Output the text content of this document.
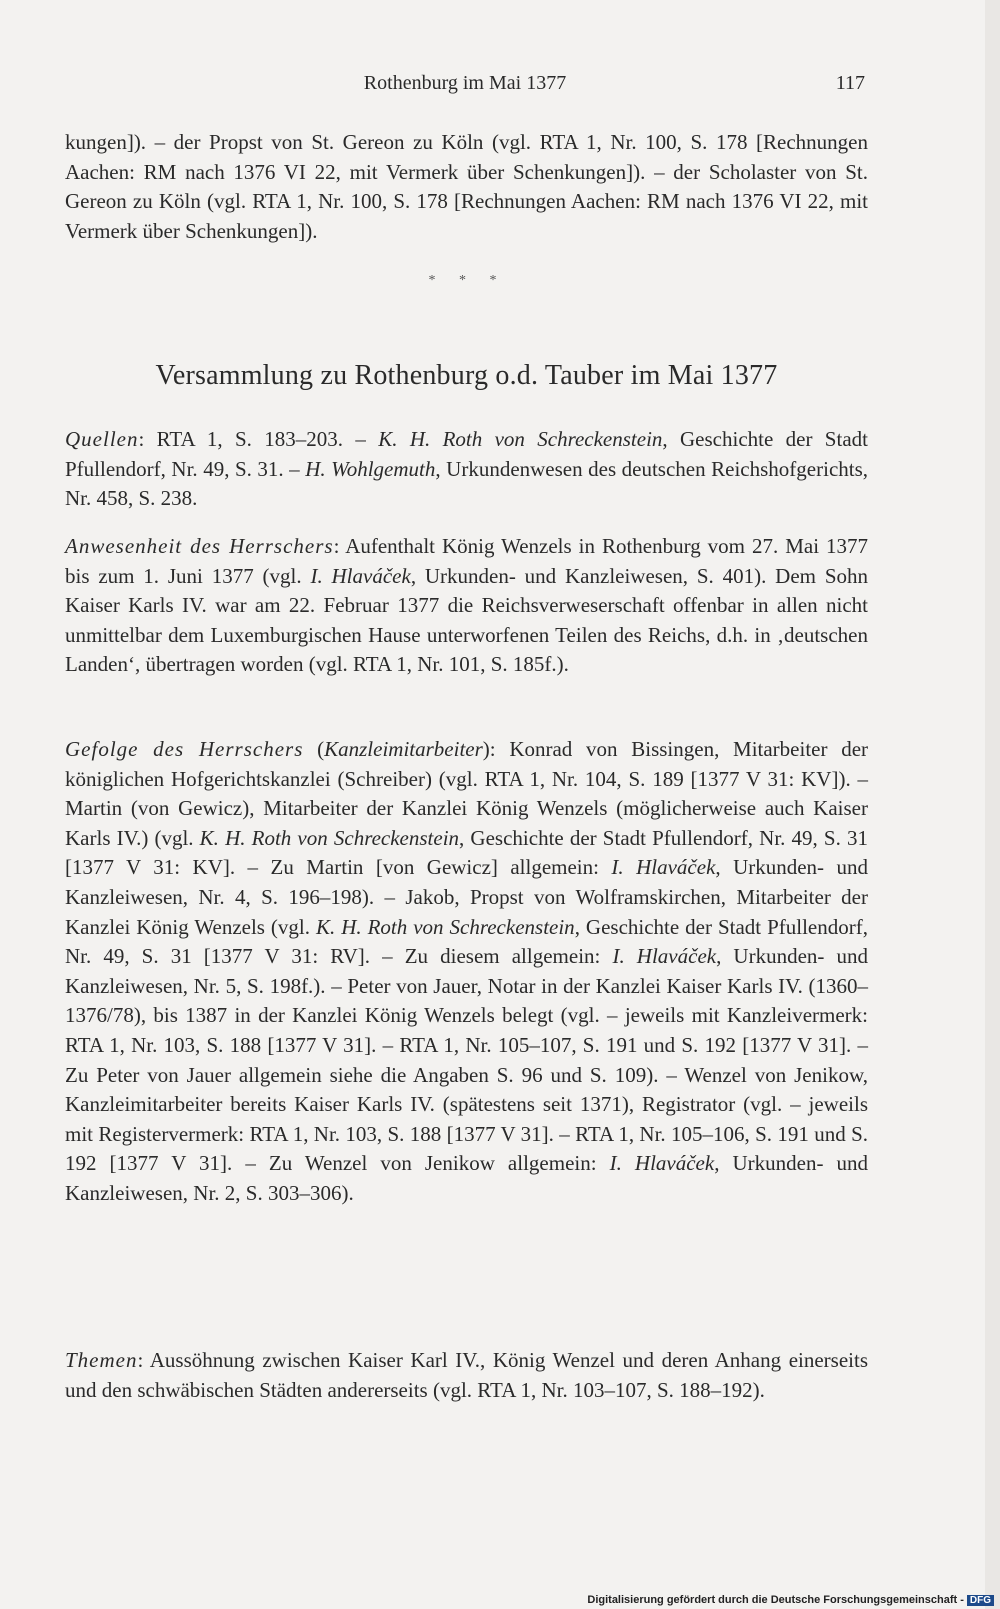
Rothenburg im Mai 1377	117

kungen]). – der Propst von St. Gereon zu Köln (vgl. RTA 1, Nr. 100, S. 178 [Rechnungen Aachen: RM nach 1376 VI 22, mit Vermerk über Schenkungen]). – der Scholaster von St. Gereon zu Köln (vgl. RTA 1, Nr. 100, S. 178 [Rechnungen Aachen: RM nach 1376 VI 22, mit Vermerk über Schenkungen]).

* * *
Versammlung zu Rothenburg o.d. Tauber im Mai 1377

Quellen: RTA 1, S. 183–203. – K. H. Roth von Schreckenstein, Geschichte der Stadt Pfullendorf, Nr. 49, S. 31. – H. Wohlgemuth, Urkundenwesen des deutschen Reichshofgerichts, Nr. 458, S. 238.

Anwesenheit des Herrschers: Aufenthalt König Wenzels in Rothenburg vom 27. Mai 1377 bis zum 1. Juni 1377 (vgl. I. Hlaváček, Urkunden- und Kanzleiwesen, S. 401). Dem Sohn Kaiser Karls IV. war am 22. Februar 1377 die Reichsverweserschaft offenbar in allen nicht unmittelbar dem Luxemburgischen Hause unterworfenen Teilen des Reichs, d.h. in ‚deutschen Landen‘, übertragen worden (vgl. RTA 1, Nr. 101, S. 185f.).

Gefolge des Herrschers (Kanzleimitarbeiter): Konrad von Bissingen, Mitarbeiter der königlichen Hofgerichtskanzlei (Schreiber) (vgl. RTA 1, Nr. 104, S. 189 [1377 V 31: KV]). – Martin (von Gewicz), Mitarbeiter der Kanzlei König Wenzels (möglicherweise auch Kaiser Karls IV.) (vgl. K. H. Roth von Schreckenstein, Geschichte der Stadt Pfullendorf, Nr. 49, S. 31 [1377 V 31: KV]. – Zu Martin [von Gewicz] allgemein: I. Hlaváček, Urkunden- und Kanzleiwesen, Nr. 4, S. 196–198). – Jakob, Propst von Wolframskirchen, Mitarbeiter der Kanzlei König Wenzels (vgl. K. H. Roth von Schreckenstein, Geschichte der Stadt Pfullendorf, Nr. 49, S. 31 [1377 V 31: RV]. – Zu diesem allgemein: I. Hlaváček, Urkunden- und Kanzleiwesen, Nr. 5, S. 198f.). – Peter von Jauer, Notar in der Kanzlei Kaiser Karls IV. (1360–1376/78), bis 1387 in der Kanzlei König Wenzels belegt (vgl. – jeweils mit Kanzleivermerk: RTA 1, Nr. 103, S. 188 [1377 V 31]. – RTA 1, Nr. 105–107, S. 191 und S. 192 [1377 V 31]. – Zu Peter von Jauer allgemein siehe die Angaben S. 96 und S. 109). – Wenzel von Jenikow, Kanzleimitarbeiter bereits Kaiser Karls IV. (spätestens seit 1371), Registrator (vgl. – jeweils mit Registervermerk: RTA 1, Nr. 103, S. 188 [1377 V 31]. – RTA 1, Nr. 105–106, S. 191 und S. 192 [1377 V 31]. – Zu Wenzel von Jenikow allgemein: I. Hlaváček, Urkunden- und Kanzleiwesen, Nr. 2, S. 303–306).

Themen: Aussöhnung zwischen Kaiser Karl IV., König Wenzel und deren Anhang einerseits und den schwäbischen Städten andererseits (vgl. RTA 1, Nr. 103–107, S. 188–192).

Digitalisierung gefördert durch die Deutsche Forschungsgemeinschaft - DFG
